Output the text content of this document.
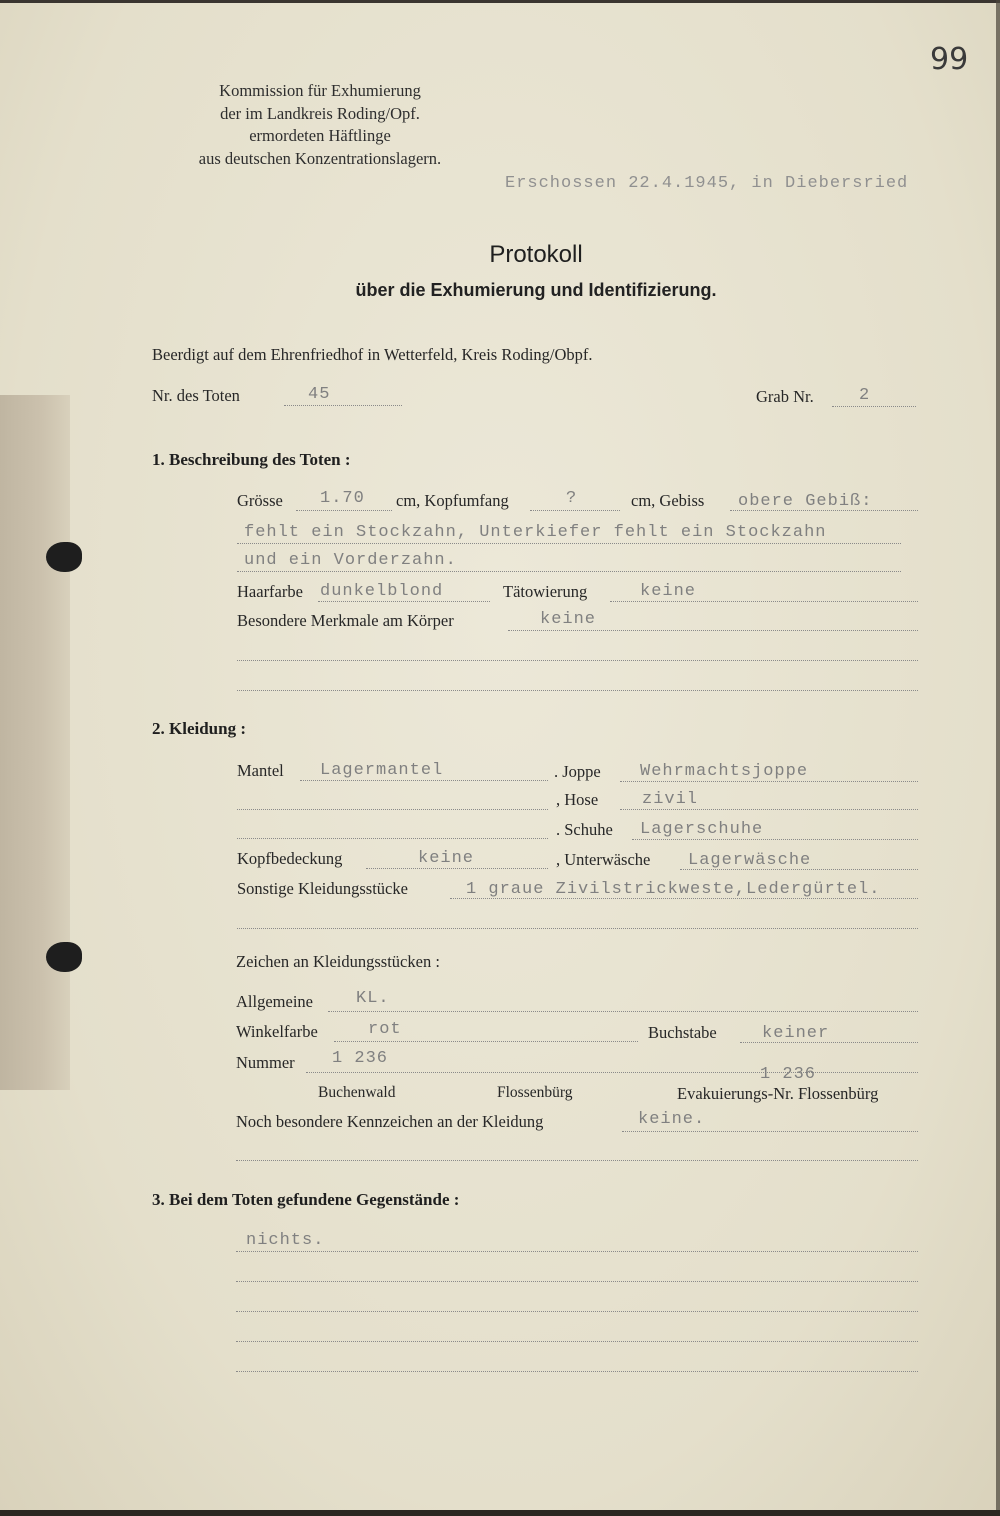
99
Kommission für Exhumierung
der im Landkreis Roding/Opf.
ermordeten Häftlinge
aus deutschen Konzentrationslagern.
Erschossen 22.4.1945, in Diebersried
Protokoll
über die Exhumierung und Identifizierung.
Beerdigt auf dem Ehrenfriedhof in Wetterfeld, Kreis Roding/Obpf.
Nr. des Toten	45	Grab Nr.	2
1. Beschreibung des Toten :
Grösse 1.70 cm, Kopfumfang	?	cm, Gebiss obere Gebiß:
fehlt ein Stockzahn, Unterkiefer fehlt ein Stockzahn
und ein Vorderzahn.
Haarfarbe dunkelblond	Tätowierung	keine
Besondere Merkmale am Körper	keine
2. Kleidung :
Mantel Lagermantel	. Joppe Wehrmachtsjoppe
, Hose	zivil
. Schuhe Lagerschuhe
Kopfbedeckung	keine	, Unterwäsche Lagerwäsche
Sonstige Kleidungsstücke	1 graue Zivilstrickweste,Ledergürtel.
Zeichen an Kleidungsstücken :
Allgemeine	KL.
Winkelfarbe	rot	Buchstabe	keiner
Nummer 1 236
1 236
Buchenwald	Flossenbürg	Evakuierungs-Nr. Flossenbürg
Noch besondere Kennzeichen an der Kleidung	keine.
3. Bei dem Toten gefundene Gegenstände :
nichts.
